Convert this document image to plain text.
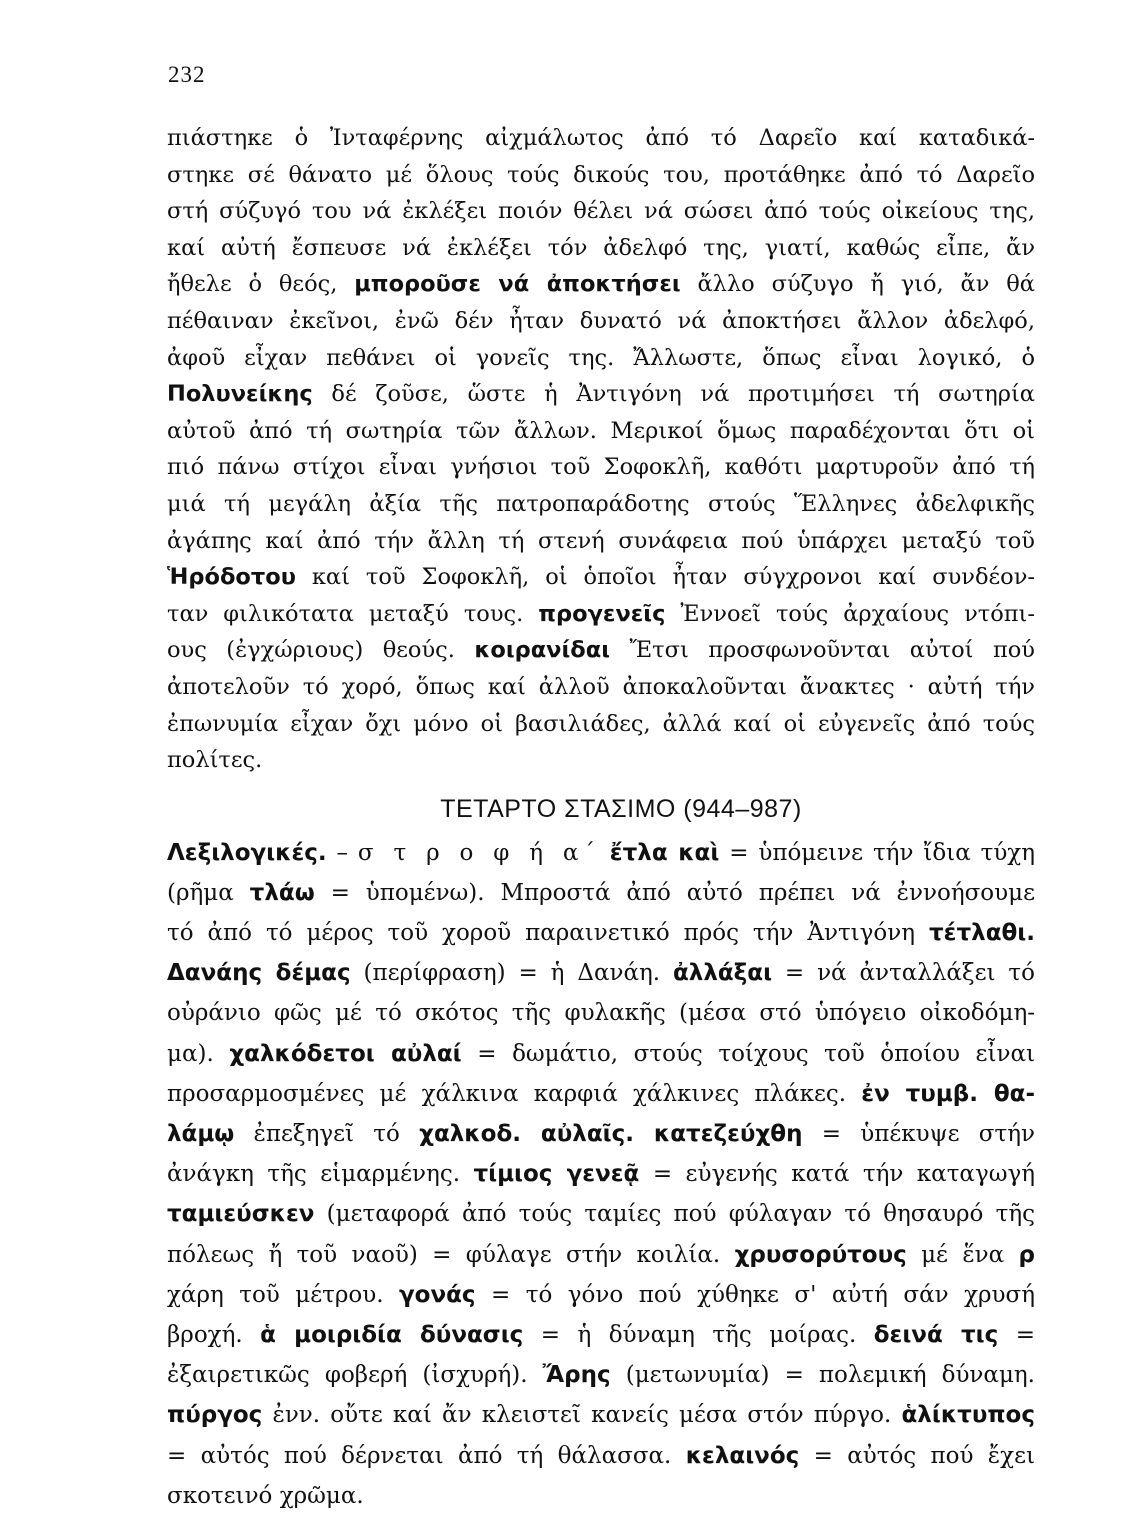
232
πιάστηκε ὁ Ἰνταφέρνης αἰχμάλωτος ἀπό τό Δαρεῖο καί καταδικά-
στηκε σέ θάνατο μέ ὅλους τούς δικούς του, προτάθηκε ἀπό τό Δαρεῖο
στή σύζυγό του νά ἐκλέξει ποιόν θέλει νά σώσει ἀπό τούς οἰκείους της,
καί αὐτή ἔσπευσε νά ἐκλέξει τόν ἀδελφό της, γιατί, καθώς εἶπε, ἄν
ἤθελε ὁ θεός, μποροῦσε νά ἀποκτήσει ἄλλο σύζυγο ἤ γιό, ἄν θά
πέθαιναν ἐκεῖνοι, ἐνῶ δέν ἦταν δυνατό νά ἀποκτήσει ἄλλον ἀδελφό,
ἀφοῦ εἶχαν πεθάνει οἱ γονεῖς της. Ἄλλωστε, ὅπως εἶναι λογικό, ὁ
Πολυνείκης δέ ζοῦσε, ὥστε ἡ Ἀντιγόνη νά προτιμήσει τή σωτηρία
αὐτοῦ ἀπό τή σωτηρία τῶν ἄλλων. Μερικοί ὅμως παραδέχονται ὅτι οἱ
πιό πάνω στίχοι εἶναι γνήσιοι τοῦ Σοφοκλῆ, καθότι μαρτυροῦν ἀπό τή
μιά τή μεγάλη ἀξία τῆς πατροπαράδοτης στούς Ἕλληνες ἀδελφικῆς
ἀγάπης καί ἀπό τήν ἄλλη τή στενή συνάφεια πού ὑπάρχει μεταξύ τοῦ
Ἡρόδοτου καί τοῦ Σοφοκλῆ, οἱ ὁποῖοι ἦταν σύγχρονοι καί συνδέον-
ταν φιλικότατα μεταξύ τους. προγενεῖς Ἐννοεῖ τούς ἀρχαίους ντόπι-
ους (ἐγχώριους) θεούς. κοιρανίδαι Ἔτσι προσφωνοῦνται αὐτοί πού
ἀποτελοῦν τό χορό, ὅπως καί ἀλλοῦ ἀποκαλοῦνται ἄνακτες · αὐτή τήν
ἐπωνυμία εἶχαν ὄχι μόνο οἱ βασιλιάδες, ἀλλά καί οἱ εὐγενεῖς ἀπό τούς
πολίτες.
ΤΕΤΑΡΤΟ ΣΤΑΣΙΜΟ (944–987)
Λεξιλογικές. – σ τ ρ ο φ ή α΄ ἔτλα καὶ = ὑπόμεινε τήν ἴδια τύχη
(ρῆμα τλάω = ὑπομένω). Μπροστά ἀπό αὐτό πρέπει νά ἐννοήσουμε
τό ἀπό τό μέρος τοῦ χοροῦ παραινετικό πρός τήν Ἀντιγόνη τέτλαθι.
Δανάης δέμας (περίφραση) = ἡ Δανάη. ἀλλάξαι = νά ἀνταλλάξει τό
οὐράνιο φῶς μέ τό σκότος τῆς φυλακῆς (μέσα στό ὑπόγειο οἰκοδόμη-
μα). χαλκόδετοι αὐλαί = δωμάτιο, στούς τοίχους τοῦ ὁποίου εἶναι
προσαρμοσμένες μέ χάλκινα καρφιά χάλκινες πλάκες. ἐν τυμβ. θα-
λάμῳ ἐπεξηγεῖ τό χαλκοδ. αὐλαῖς. κατεζεύχθη = ὑπέκυψε στήν
ἀνάγκη τῆς εἱμαρμένης. τίμιος γενεᾷ = εὐγενής κατά τήν καταγωγή
ταμιεύσκεν (μεταφορά ἀπό τούς ταμίες πού φύλαγαν τό θησαυρό τῆς
πόλεως ἤ τοῦ ναοῦ) = φύλαγε στήν κοιλία. χρυσορύτους μέ ἕνα ρ
χάρη τοῦ μέτρου. γονάς = τό γόνο πού χύθηκε σ' αὐτή σάν χρυσή
βροχή. ἁ μοιριδία δύνασις = ἡ δύναμη τῆς μοίρας. δεινά τις =
ἐξαιρετικῶς φοβερή (ἰσχυρή). Ἄρης (μετωνυμία) = πολεμική δύναμη.
πύργος ἐνν. οὔτε καί ἄν κλειστεῖ κανείς μέσα στόν πύργο. ἁλίκτυπος
= αὐτός πού δέρνεται ἀπό τή θάλασσα. κελαινός = αὐτός πού ἔχει
σκοτεινό χρῶμα.
